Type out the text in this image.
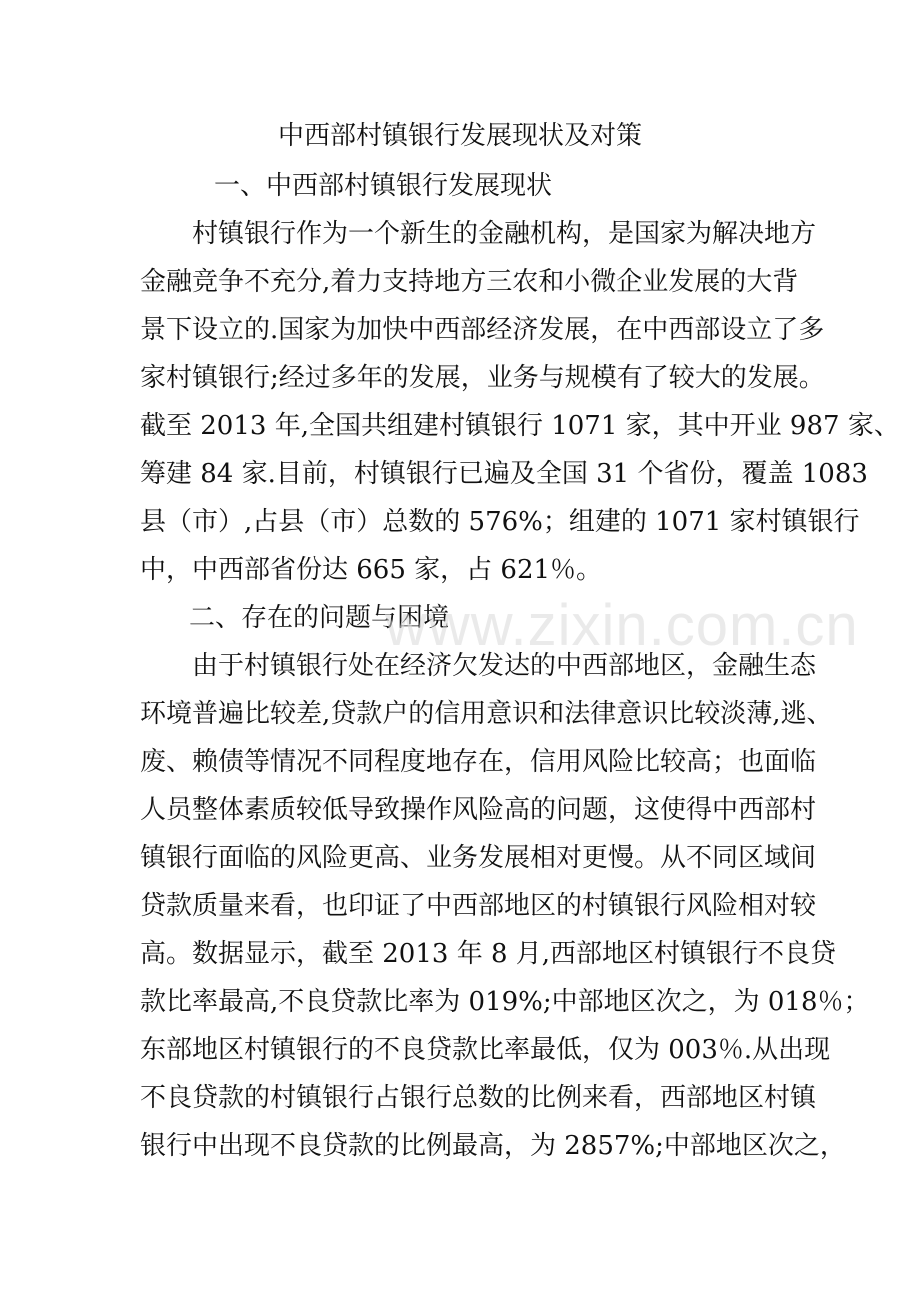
中西部村镇银行发展现状及对策
一、中西部村镇银行发展现状
　　村镇银行作为一个新生的金融机构，是国家为解决地方
金融竞争不充分,着力支持地方三农和小微企业发展的大背
景下设立的.国家为加快中西部经济发展，在中西部设立了多
家村镇银行;经过多年的发展，业务与规模有了较大的发展。
截至 2013 年,全国共组建村镇银行 1071 家，其中开业 987 家、
筹建 84 家.目前，村镇银行已遍及全国 31 个省份，覆盖 1083
县（市）,占县（市）总数的 576%；组建的 1071 家村镇银行
中，中西部省份达 665 家，占 621％。
二、存在的问题与困境
　　由于村镇银行处在经济欠发达的中西部地区，金融生态
环境普遍比较差,贷款户的信用意识和法律意识比较淡薄,逃、
废、赖债等情况不同程度地存在，信用风险比较高；也面临
人员整体素质较低导致操作风险高的问题，这使得中西部村
镇银行面临的风险更高、业务发展相对更慢。从不同区域间
贷款质量来看，也印证了中西部地区的村镇银行风险相对较
高。数据显示，截至 2013 年 8 月,西部地区村镇银行不良贷
款比率最高,不良贷款比率为 019%;中部地区次之，为 018％；
东部地区村镇银行的不良贷款比率最低，仅为 003％.从出现
不良贷款的村镇银行占银行总数的比例来看，西部地区村镇
银行中出现不良贷款的比例最高，为 2857%;中部地区次之，
www.zixin.com.cn
